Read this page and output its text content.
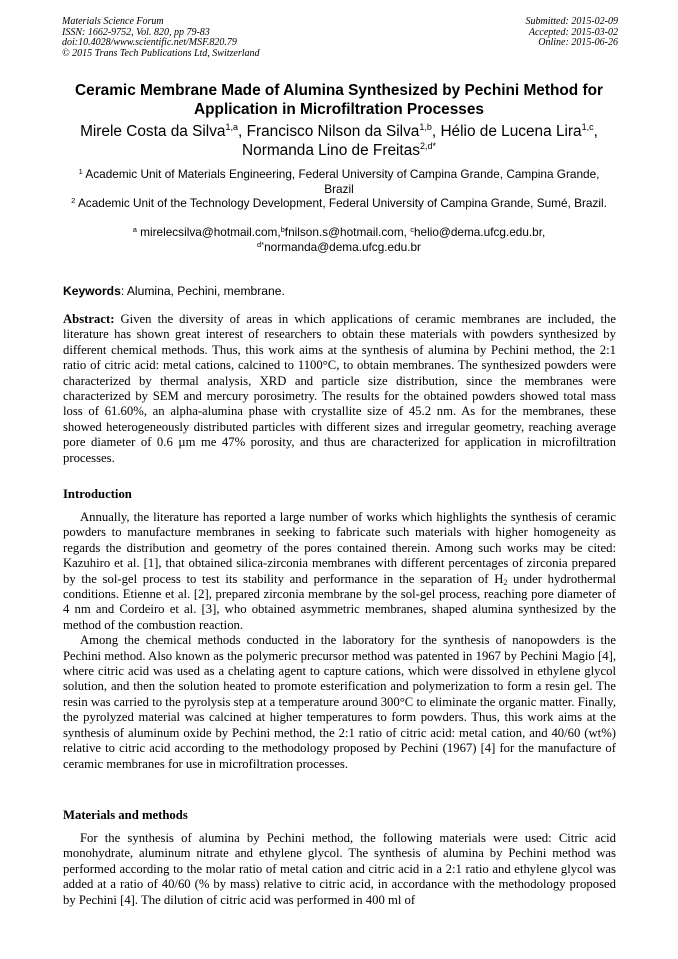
Materials Science Forum
ISSN: 1662-9752, Vol. 820, pp 79-83
doi:10.4028/www.scientific.net/MSF.820.79
© 2015 Trans Tech Publications Ltd, Switzerland
Submitted: 2015-02-09
Accepted: 2015-03-02
Online: 2015-06-26
Ceramic Membrane Made of Alumina Synthesized by Pechini Method for Application in Microfiltration Processes
Mirele Costa da Silva$^{1,a}$, Francisco Nilson da Silva$^{1,b}$, Hélio de Lucena Lira$^{1,c}$,
Normanda Lino de Freitas$^{2,d*}$
$^1$ Academic Unit of Materials Engineering, Federal University of Campina Grande, Campina Grande, Brazil
$^2$ Academic Unit of the Technology Development, Federal University of Campina Grande, Sumé, Brazil.
$^a$ mirelecsilva@hotmail.com,$^b$fnilson.s@hotmail.com, $^c$helio@dema.ufcg.edu.br,
$^{d*}$normanda@dema.ufcg.edu.br
Keywords: Alumina, Pechini, membrane.

Abstract: Given the diversity of areas in which applications of ceramic membranes are included, the literature has shown great interest of researchers to obtain these materials with powders synthesized by different chemical methods. Thus, this work aims at the synthesis of alumina by Pechini method, the 2:1 ratio of citric acid: metal cations, calcined to 1100°C, to obtain membranes. The synthesized powders were characterized by thermal analysis, XRD and particle size distribution, since the membranes were characterized by SEM and mercury porosimetry. The results for the obtained powders showed total mass loss of 61.60%, an alpha-alumina phase with crystallite size of 45.2 nm. As for the membranes, these showed heterogeneously distributed particles with different sizes and irregular geometry, reaching average pore diameter of 0.6 µm me 47% porosity, and thus are characterized for application in microfiltration processes.

Introduction

Annually, the literature has reported a large number of works which highlights the synthesis of ceramic powders to manufacture membranes in seeking to fabricate such materials with higher homogeneity as regards the distribution and geometry of the pores contained therein. Among such works may be cited: Kazuhiro et al. [1], that obtained silica-zirconia membranes with different percentages of zirconia prepared by the sol-gel process to test its stability and performance in the separation of $H_2$ under hydrothermal conditions. Etienne et al. [2], prepared zirconia membrane by the sol-gel process, reaching pore diameter of 4 nm and Cordeiro et al. [3], who obtained asymmetric membranes, shaped alumina synthesized by the method of the combustion reaction.

Among the chemical methods conducted in the laboratory for the synthesis of nanopowders is the Pechini method. Also known as the polymeric precursor method was patented in 1967 by Pechini Magio [4], where citric acid was used as a chelating agent to capture cations, which were dissolved in ethylene glycol solution, and then the solution heated to promote esterification and polymerization to form a resin gel. The resin was carried to the pyrolysis step at a temperature around 300°C to eliminate the organic matter. Finally, the pyrolyzed material was calcined at higher temperatures to form powders. Thus, this work aims at the synthesis of aluminum oxide by Pechini method, the 2:1 ratio of citric acid: metal cation, and 40/60 (wt%) relative to citric acid according to the methodology proposed by Pechini (1967) [4] for the manufacture of ceramic membranes for use in microfiltration processes.

Materials and methods

For the synthesis of alumina by Pechini method, the following materials were used: Citric acid monohydrate, aluminum nitrate and ethylene glycol. The synthesis of alumina by Pechini method was performed according to the molar ratio of metal cation and citric acid in a 2:1 ratio and ethylene glycol was added at a ratio of 40/60 (% by mass) relative to citric acid, in accordance with the methodology proposed by Pechini [4]. The dilution of citric acid was performed in 400 ml of
